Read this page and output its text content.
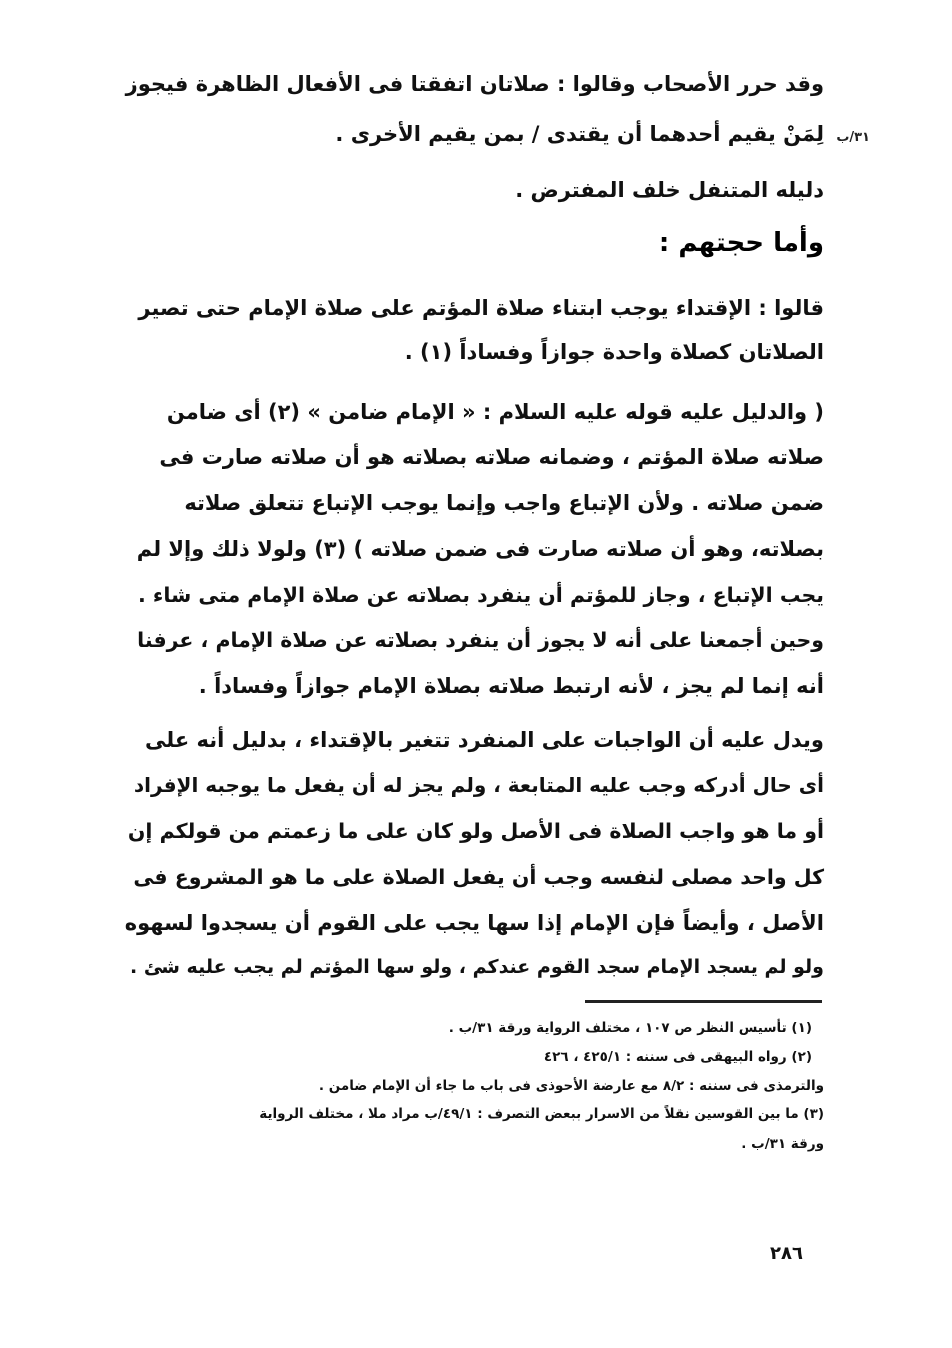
وقد حرر الأصحاب وقالوا : صلاتان اتفقتا فى الأفعال الظاهرة فيجوز
لِمَنْ يقيم أحدهما أن يقتدى / بمن يقيم الأخرى . ٣١/ب
دليله المتنفل خلف المفترض .
وأما حجتهم :
قالوا : الإقتداء يوجب ابتناء صلاة المؤتم على صلاة الإمام حتى تصير
الصلاتان كصلاة واحدة جوازاً وفساداً (١) .
( والدليل عليه قوله عليه السلام : « الإمام ضامن » (٢) أى ضامن
صلاته صلاة المؤتم ، وضمانه صلاته بصلاته هو أن صلاته صارت فى
ضمن صلاته . ولأن الإتباع واجب وإنما يوجب الإتباع تتعلق صلاته
بصلاته، وهو أن صلاته صارت فى ضمن صلاته ) (٣) ولولا ذلك وإلا لم
يجب الإتباع ، وجاز للمؤتم أن ينفرد بصلاته عن صلاة الإمام متى شاء .
وحين أجمعنا على أنه لا يجوز أن ينفرد بصلاته عن صلاة الإمام ، عرفنا
أنه إنما لم يجز ، لأنه ارتبط صلاته بصلاة الإمام جوازاً وفساداً .
ويدل عليه أن الواجبات على المنفرد تتغير بالإقتداء ، بدليل أنه على
أى حال أدركه وجب عليه المتابعة ، ولم يجز له أن يفعل ما يوجبه الإفراد
أو ما هو واجب الصلاة فى الأصل ولو كان على ما زعمتم من قولكم إن
كل واحد مصلى لنفسه وجب أن يفعل الصلاة على ما هو المشروع فى
الأصل ، وأيضاً فإن الإمام إذا سها يجب على القوم أن يسجدوا لسهوه
ولو لم يسجد الإمام سجد القوم عندكم ، ولو سها المؤتم لم يجب عليه شئ .
(١) تأسيس النظر ص ١٠٧ ، مختلف الرواية ورقة ٣١/ب .
(٢) رواه البيهقى فى سننه : ٤٢٥/١ ، ٤٢٦
والترمذى فى سننه : ٨/٢ مع عارضة الأحوذى فى باب ما جاء أن الإمام ضامن .
(٣) ما بين القوسين نقلاً من الاسرار ببعض التصرف : ٤٩/١/ب مراد ملا ، مختلف الرواية
ورقة ٣١/ب .
٢٨٦
